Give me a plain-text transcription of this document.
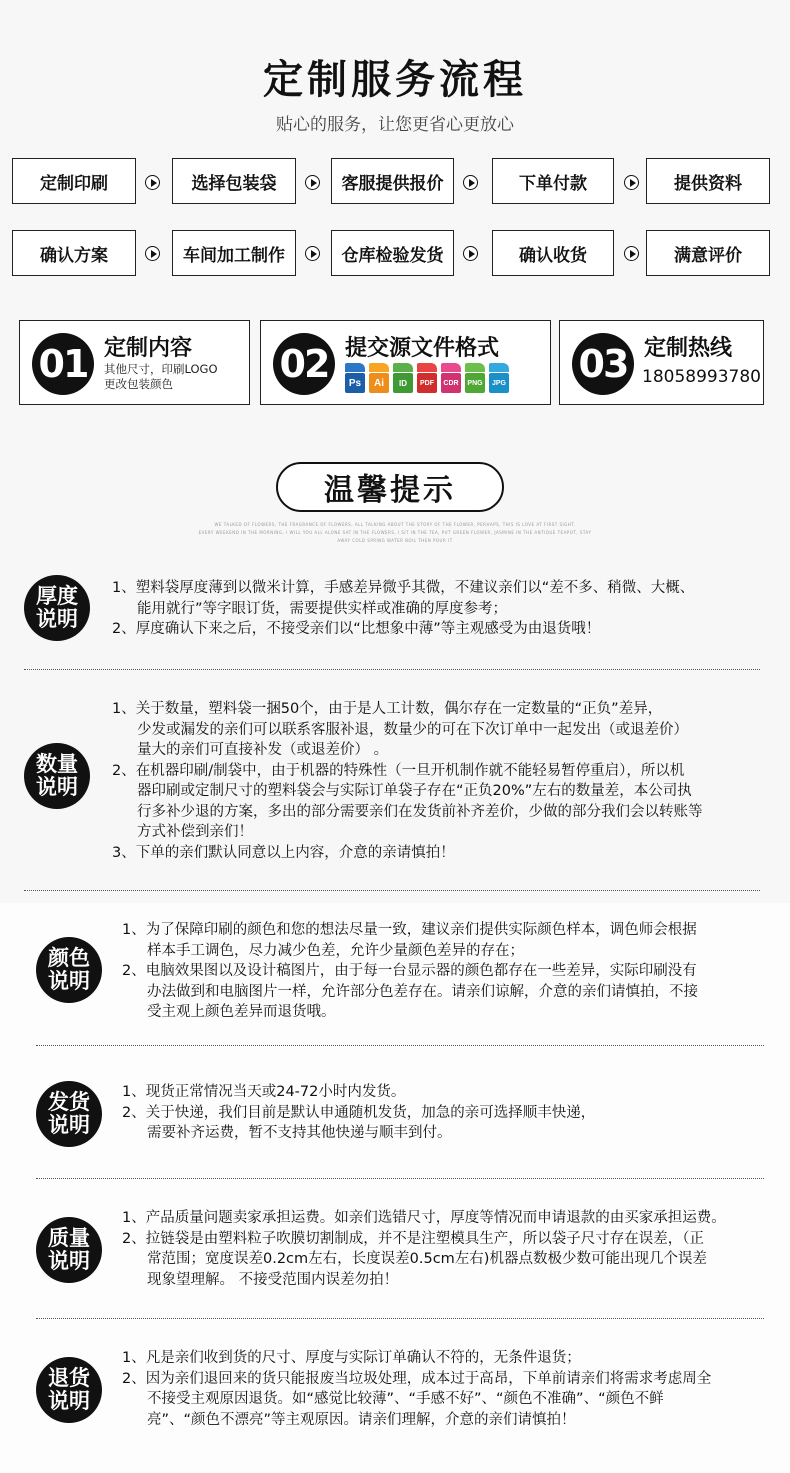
定制服务流程
贴心的服务，让您更省心更放心
定制印刷	选择包装袋	客服提供报价	下单付款	提供资料
确认方案	车间加工制作	仓库检验发货	确认收货	满意评价
01 定制内容
其他尺寸，印刷LOGO
更改包装颜色	02 提交源文件格式
Ps	Ai	ID	PDF	CDR	PNG	JPG 03 定制热线
18058993780
温馨提示
WE TALKED OF FLOWERS, THE FRAGRANCE OF FLOWERS, ALL TALKING ABOUT THE STORY OF THE FLOWER, PERHAPS, THIS IS LOVE AT FIRST SIGHT.
EVERY WEEKEND IN THE MORNING, I WILL YOU ALL ALONE SAT IN THE FLOWERS, I SIT IN THE TEA, PUT GREEN FLOWER, JASMINE IN THE ANTIQUE TEAPOT, STAY
AWAY COLD SPRING WATER BOIL THEN POUR IT
厚度
说明

1、塑料袋厚度薄到以微米计算，手感差异微乎其微，不建议亲们以“差不多、稍微、大概、

能用就行”等字眼订货，需要提供实样或准确的厚度参考；

2、厚度确认下来之后，不接受亲们以“比想象中薄”等主观感受为由退货哦！

数量
说明

1、关于数量，塑料袋一捆50个，由于是人工计数，偶尔存在一定数量的“正负”差异，

少发或漏发的亲们可以联系客服补退，数量少的可在下次订单中一起发出（或退差价）

量大的亲们可直接补发（或退差价） 。

2、在机器印刷/制袋中，由于机器的特殊性（一旦开机制作就不能轻易暂停重启），所以机

器印刷或定制尺寸的塑料袋会与实际订单袋子存在“正负20%”左右的数量差，本公司执

行多补少退的方案，多出的部分需要亲们在发货前补齐差价，少做的部分我们会以转账等

方式补偿到亲们！

3、下单的亲们默认同意以上内容，介意的亲请慎拍！

颜色
说明

1、为了保障印刷的颜色和您的想法尽量一致，建议亲们提供实际颜色样本，调色师会根据

样本手工调色，尽力减少色差，允许少量颜色差异的存在；

2、电脑效果图以及设计稿图片，由于每一台显示器的颜色都存在一些差异，实际印刷没有

办法做到和电脑图片一样，允许部分色差存在。请亲们谅解，介意的亲们请慎拍，不接

受主观上颜色差异而退货哦。

发货
说明

1、现货正常情况当天或24-72小时内发货。

2、关于快递，我们目前是默认申通随机发货，加急的亲可选择顺丰快递，

需要补齐运费，暂不支持其他快递与顺丰到付。

质量
说明

1、产品质量问题卖家承担运费。如亲们选错尺寸，厚度等情况而申请退款的由买家承担运费。

2、拉链袋是由塑料粒子吹膜切割制成，并不是注塑模具生产，所以袋子尺寸存在误差，（正

常范围；宽度误差0.2cm左右，长度误差0.5cm左右)机器点数极少数可能出现几个误差

现象望理解。 不接受范围内误差勿拍！

退货
说明

1、凡是亲们收到货的尺寸、厚度与实际订单确认不符的，无条件退货；

2、因为亲们退回来的货只能报废当垃圾处理，成本过于高昂，下单前请亲们将需求考虑周全

不接受主观原因退货。如“感觉比较薄”、“手感不好”、“颜色不准确”、“颜色不鲜

亮”、“颜色不漂亮”等主观原因。请亲们理解，介意的亲们请慎拍！
